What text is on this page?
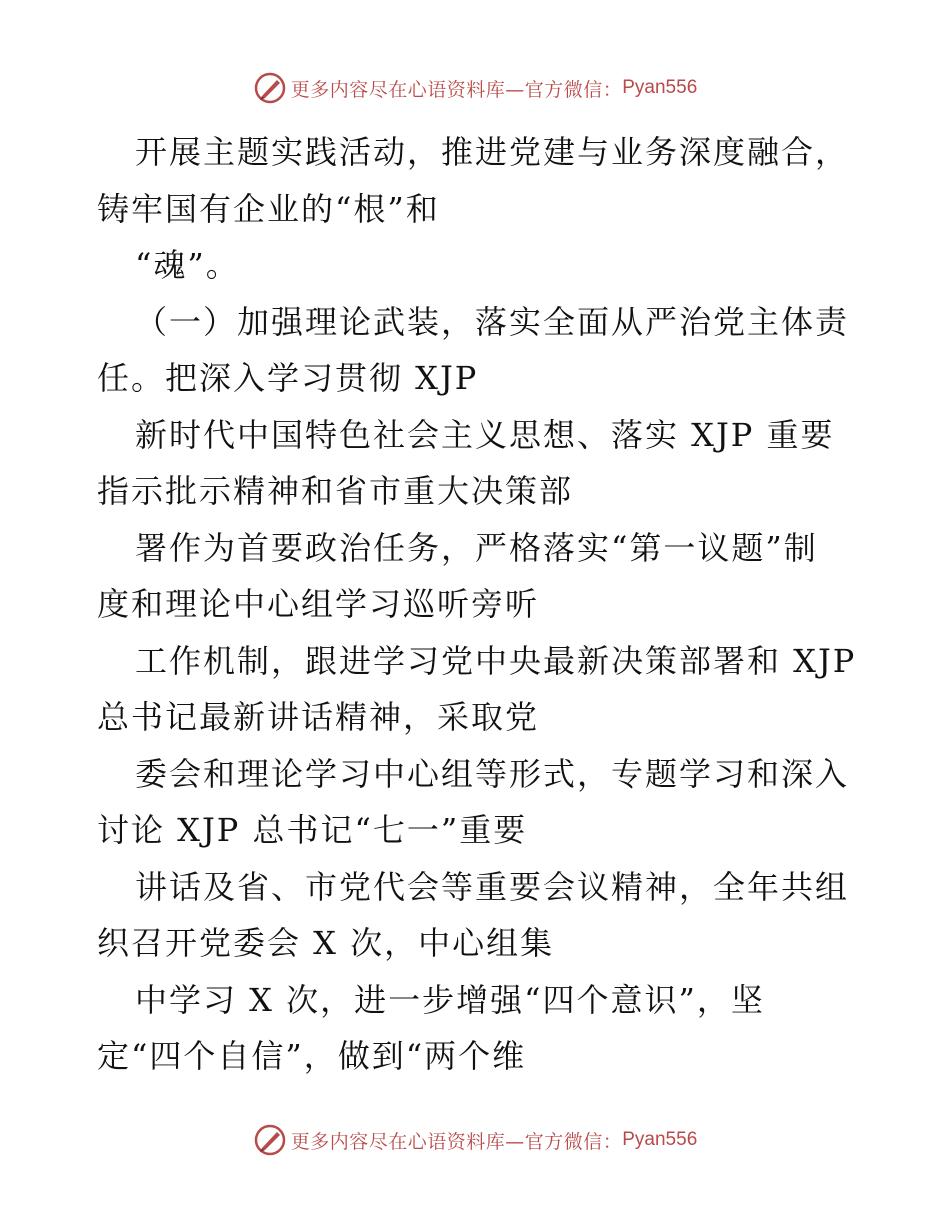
更多内容尽在心语资料库—官方微信： Pyan556
开展主题实践活动，推进党建与业务深度融合，
铸牢国有企业的“根”和
“魂”。
（一）加强理论武装，落实全面从严治党主体责
任。把深入学习贯彻 XJP
新时代中国特色社会主义思想、落实 XJP 重要
指示批示精神和省市重大决策部
署作为首要政治任务，严格落实“第一议题”制
度和理论中心组学习巡听旁听
工作机制，跟进学习党中央最新决策部署和 XJP
总书记最新讲话精神，采取党
委会和理论学习中心组等形式，专题学习和深入
讨论 XJP 总书记“七一”重要
讲话及省、市党代会等重要会议精神，全年共组
织召开党委会 X 次，中心组集
中学习 X 次，进一步增强“四个意识”，坚
定“四个自信”，做到“两个维
更多内容尽在心语资料库—官方微信： Pyan556
